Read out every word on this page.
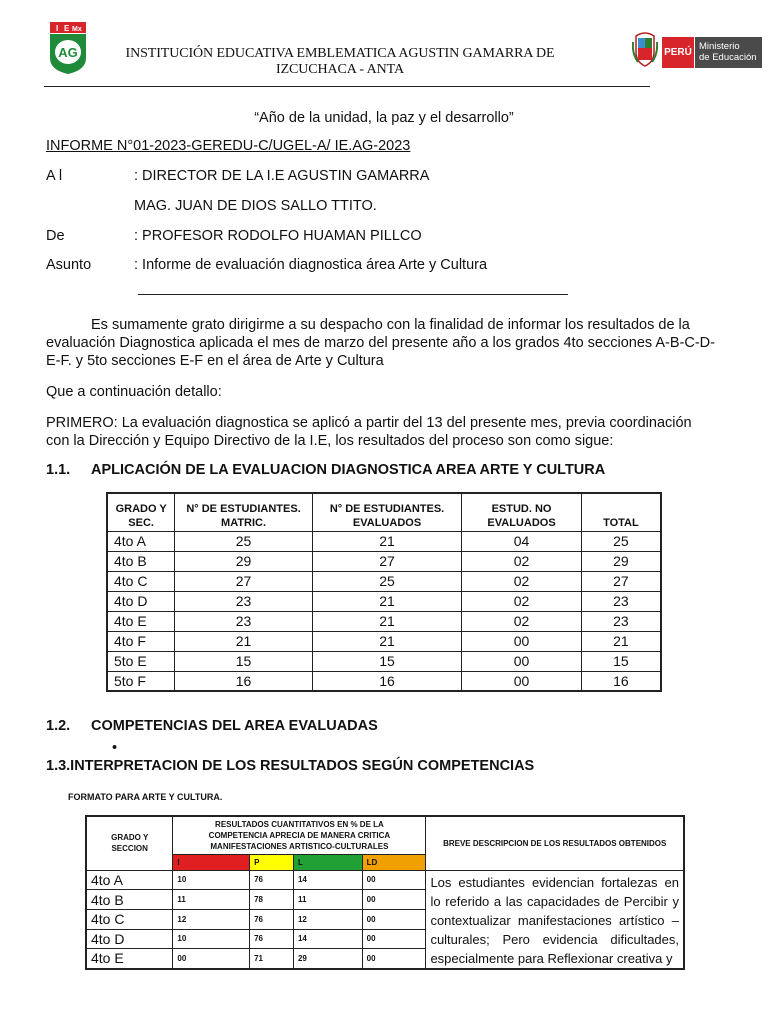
I E Mx
AG	INSTITUCIÓN EDUCATIVA EMBLEMATICA AGUSTIN GAMARRA DE
IZCUCHACA - ANTA
PERÚ
Ministerio
de Educación
“Año de la unidad, la paz y el desarrollo”
INFORME N°01-2023-GEREDU-C/UGEL-A/ IE.AG-2023
A l	: DIRECTOR DE LA I.E AGUSTIN GAMARRA
MAG. JUAN DE DIOS SALLO TTITO.
De	: PROFESOR RODOLFO HUAMAN PILLCO
Asunto	: Informe de evaluación diagnostica área Arte y Cultura
Es sumamente grato dirigirme a su despacho con la finalidad de informar los resultados de la evaluación Diagnostica aplicada el mes de marzo del presente año a los grados 4to secciones A-B-C-D-E-F. y 5to secciones E-F en el área de Arte y Cultura
Que a continuación detallo:
PRIMERO: La evaluación diagnostica se aplicó a partir del 13 del presente mes, previa coordinación con la Dirección y Equipo Directivo de la I.E, los resultados del proceso son como sigue:
1.1. APLICACIÓN DE LA EVALUACION DIAGNOSTICA AREA ARTE Y CULTURA
GRADO Y SEC.	N° DE ESTUDIANTES. MATRIC.	N° DE ESTUDIANTES. EVALUADOS	ESTUD. NO EVALUADOS	TOTAL
4to A	25	21	04	25
4to B	29	27	02	29
4to C	27	25	02	27
4to D	23	21	02	23
4to E	23	21	02	23
4to F	21	21	00	21
5to E	15	15	00	15
5to F	16	16	00	16
1.2. COMPETENCIAS DEL AREA EVALUADAS
•
1.3.INTERPRETACION DE LOS RESULTADOS SEGÚN COMPETENCIAS
FORMATO PARA ARTE Y CULTURA.
GRADO Y SECCION	RESULTADOS CUANTITATIVOS EN % DE LA COMPETENCIA APRECIA DE MANERA CRITICA MANIFESTACIONES ARTISTICO-CULTURALES				BREVE DESCRIPCION DE LOS RESULTADOS OBTENIDOS
	I	P	L	LD	
4to A	10	76	14	00	Los estudiantes evidencian fortalezas en lo referido a las capacidades de Percibir y contextualizar manifestaciones artístico – culturales; Pero evidencia dificultades, especialmente para Reflexionar creativa y
4to B	11	78	11	00	
4to C	12	76	12	00	
4to D	10	76	14	00	
4to E	00	71	29	00	
